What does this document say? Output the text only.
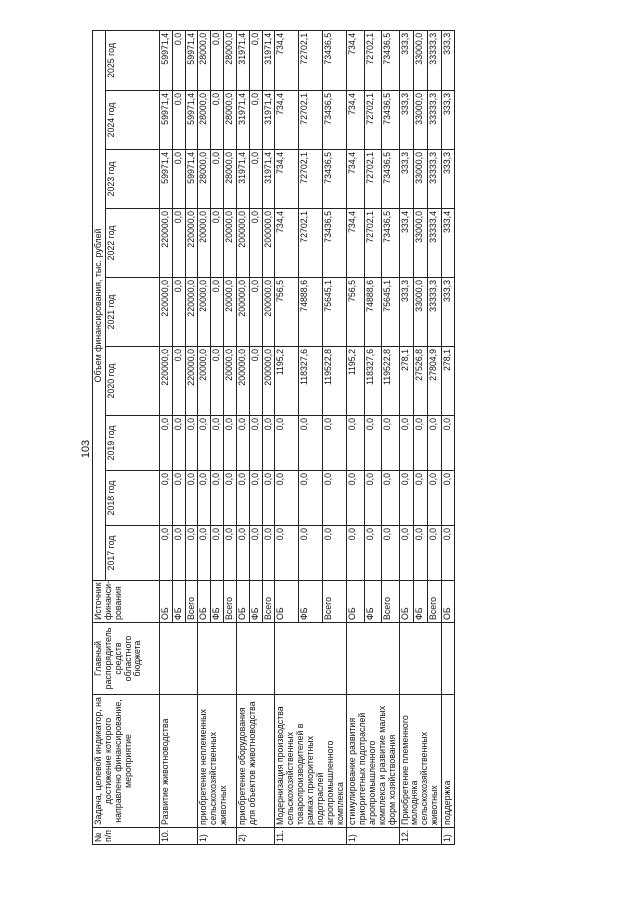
103
№ п/п	Задача, целевой индикатор, на достижение которого направлено финансирование, мероприятие	Главный распорядитель средств областного бюджета	Источник финанси-рования	Объем финансирования, тыс. рублей								
				2017 год	2018 год	2019 год	2020 год	2021 год	2022 год	2023 год	2024 год	2025 год
10.	Развитие животноводства		ОБ	0,0	0,0	0,0	220000,0	220000,0	220000,0	59971,4	59971,4	59971,4
			ФБ	0,0	0,0	0,0	0,0	0,0	0,0	0,0	0,0	0,0
			Всего	0,0	0,0	0,0	220000,0	220000,0	220000,0	59971,4	59971,4	59971,4
1)	приобретение неплеменных сельскохозяйственных животных		ОБ	0,0	0,0	0,0	20000,0	20000,0	20000,0	28000,0	28000,0	28000,0
			ФБ	0,0	0,0	0,0	0,0	0,0	0,0	0,0	0,0	0,0
			Всего	0,0	0,0	0,0	20000,0	20000,0	20000,0	28000,0	28000,0	28000,0
2)	приобретение оборудования для объектов животноводства		ОБ	0,0	0,0	0,0	200000,0	200000,0	200000,0	31971,4	31971,4	31971,4
			ФБ	0,0	0,0	0,0	0,0	0,0	0,0	0,0	0,0	0,0
			Всего	0,0	0,0	0,0	200000,0	200000,0	200000,0	31971,4	31971,4	31971,4
11.	Модернизация производства сельскохозяйственных товаропроизводителей в рамках приоритетных подотраслей агропромышленного комплекса		ОБ	0,0	0,0	0,0	1195,2	756,5	734,4	734,4	734,4	734,4
			ФБ	0,0	0,0	0,0	118327,6	74888,6	72702,1	72702,1	72702,1	72702,1
			Всего	0,0	0,0	0,0	119522,8	75645,1	73436,5	73436,5	73436,5	73436,5
1)	стимулирование развития приоритетных подотраслей агропромышленного комплекса и развитие малых форм хозяйствования		ОБ	0,0	0,0	0,0	1195,2	756,5	734,4	734,4	734,4	734,4
			ФБ	0,0	0,0	0,0	118327,6	74888,6	72702,1	72702,1	72702,1	72702,1
			Всего	0,0	0,0	0,0	119522,8	75645,1	73436,5	73436,5	73436,5	73436,5
12.	Приобретение племенного молодняка сельскохозяйственных животных		ОБ	0,0	0,0	0,0	278,1	333,3	333,4	333,3	333,3	333,3
			ФБ	0,0	0,0	0,0	27526,8	33000,0	33000,0	33000,0	33000,0	33000,0
			Всего	0,0	0,0	0,0	27804,9	33333,3	33333,4	33333,3	33333,3	33333,3
1)	поддержка		ОБ	0,0	0,0	0,0	278,1	333,3	333,4	333,3	333,3	333,3
